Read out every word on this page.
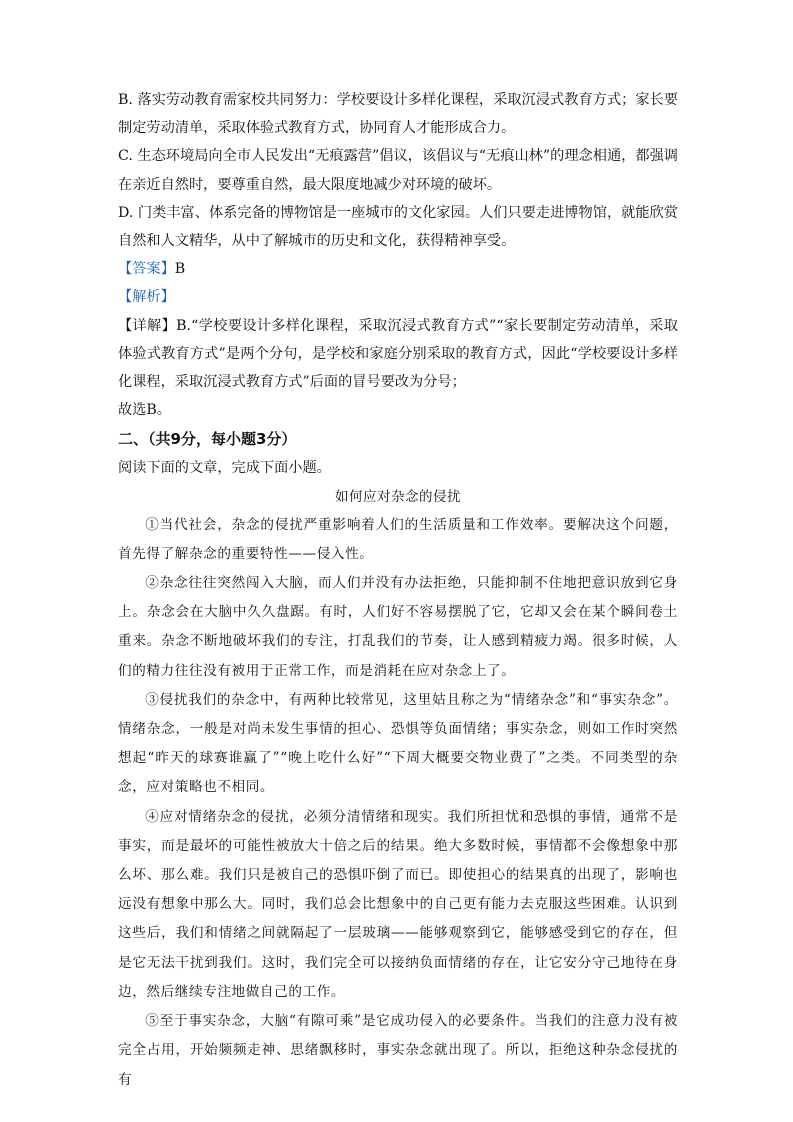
B. 落实劳动教育需家校共同努力：学校要设计多样化课程，采取沉浸式教育方式；家长要制定劳动清单，采取体验式教育方式，协同育人才能形成合力。

C. 生态环境局向全市人民发出“无痕露营”倡议，该倡议与“无痕山林”的理念相通，都强调在亲近自然时，要尊重自然，最大限度地减少对环境的破坏。

D. 门类丰富、体系完备的博物馆是一座城市的文化家园。人们只要走进博物馆，就能欣赏自然和人文精华，从中了解城市的历史和文化，获得精神享受。

【答案】B

【解析】

【详解】B.“学校要设计多样化课程，采取沉浸式教育方式”“家长要制定劳动清单，采取体验式教育方式”是两个分句，是学校和家庭分别采取的教育方式，因此“学校要设计多样化课程，采取沉浸式教育方式”后面的冒号要改为分号；

故选B。

二、（共9分，每小题3分）

阅读下面的文章，完成下面小题。

如何应对杂念的侵扰

①当代社会，杂念的侵扰严重影响着人们的生活质量和工作效率。要解决这个问题，首先得了解杂念的重要特性——侵入性。

②杂念往往突然闯入大脑，而人们并没有办法拒绝，只能抑制不住地把意识放到它身上。杂念会在大脑中久久盘踞。有时，人们好不容易摆脱了它，它却又会在某个瞬间卷土重来。杂念不断地破坏我们的专注，打乱我们的节奏，让人感到精疲力竭。很多时候，人们的精力往往没有被用于正常工作，而是消耗在应对杂念上了。

③侵扰我们的杂念中，有两种比较常见，这里姑且称之为“情绪杂念”和“事实杂念”。情绪杂念，一般是对尚未发生事情的担心、恐惧等负面情绪；事实杂念，则如工作时突然想起“昨天的球赛谁赢了”“晚上吃什么好”“下周大概要交物业费了”之类。不同类型的杂念，应对策略也不相同。

④应对情绪杂念的侵扰，必须分清情绪和现实。我们所担忧和恐惧的事情，通常不是事实，而是最坏的可能性被放大十倍之后的结果。绝大多数时候，事情都不会像想象中那么坏、那么难。我们只是被自己的恐惧吓倒了而已。即使担心的结果真的出现了，影响也远没有想象中那么大。同时，我们总会比想象中的自己更有能力去克服这些困难。认识到这些后，我们和情绪之间就隔起了一层玻璃——能够观察到它，能够感受到它的存在，但是它无法干扰到我们。这时，我们完全可以接纳负面情绪的存在，让它安分守己地待在身边，然后继续专注地做自己的工作。

⑤至于事实杂念，大脑“有隙可乘”是它成功侵入的必要条件。当我们的注意力没有被完全占用，开始频频走神、思绪飘移时，事实杂念就出现了。所以，拒绝这种杂念侵扰的有
